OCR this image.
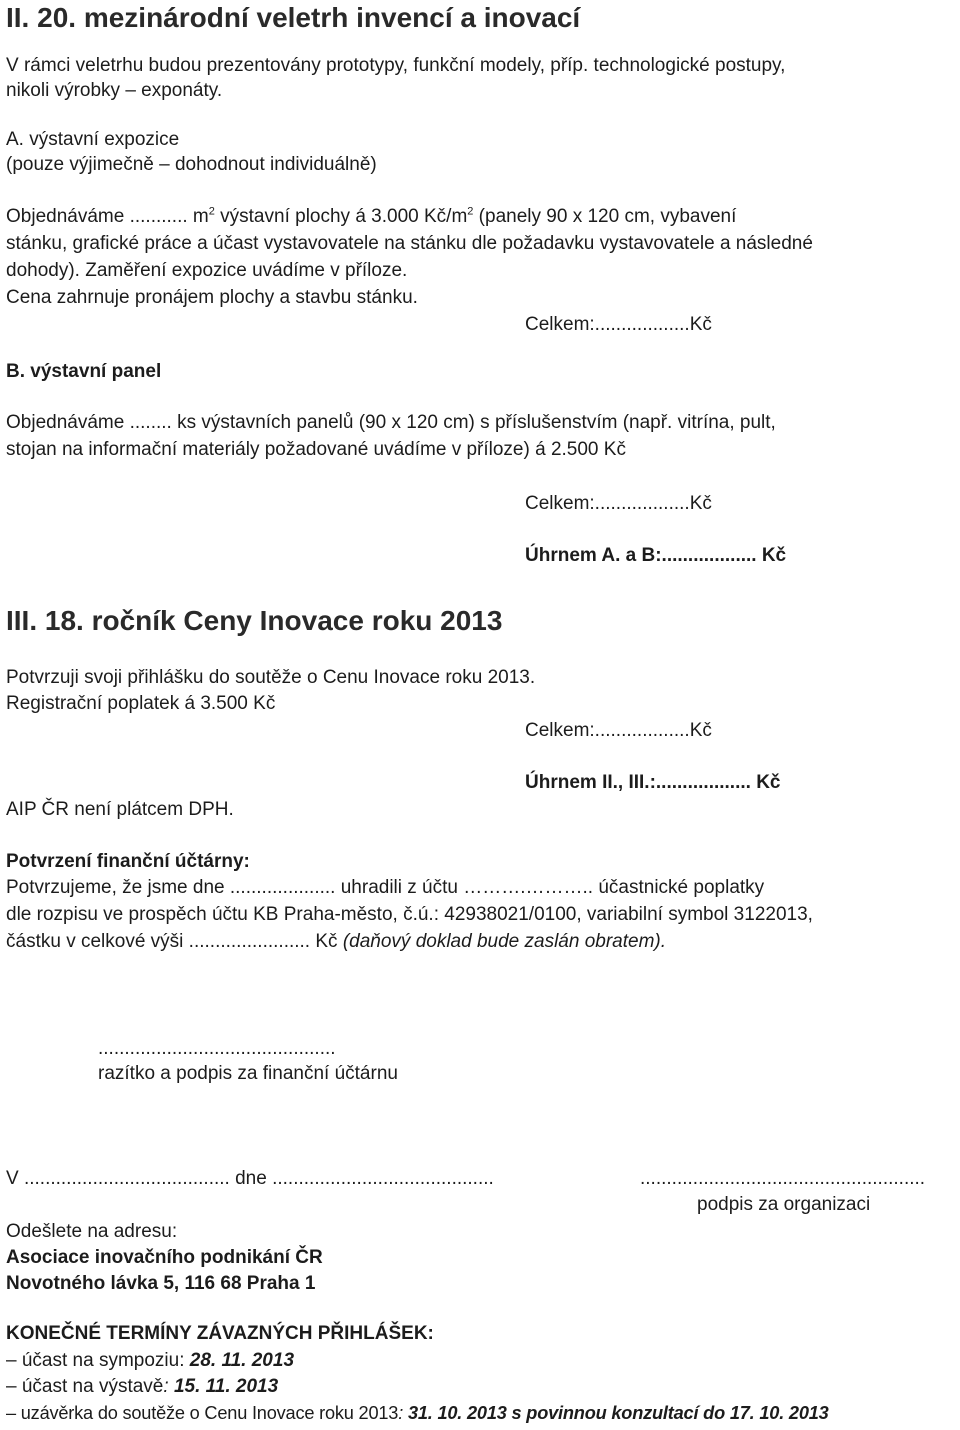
II. 20. mezinárodní veletrh invencí a inovací
V rámci veletrhu budou prezentovány prototypy, funkční modely, příp. technologické postupy,
nikoli výrobky – exponáty.
A. výstavní expozice
(pouze výjimečně – dohodnout individuálně)
Objednáváme ........... $m^2$ výstavní plochy á 3.000 $Kč/m^2$ (panely 90 x 120 cm, vybavení
stánku, grafické práce a účast vystavovatele na stánku dle požadavku vystavovatele a následné
dohody). Zaměření expozice uvádíme v příloze.
Cena zahrnuje pronájem plochy a stavbu stánku.
Celkem:..................Kč
B. výstavní panel
Objednáváme ........ ks výstavních panelů (90 x 120 cm) s příslušenstvím (např. vitrína, pult,
stojan na informační materiály požadované uvádíme v příloze) á 2.500 Kč
Celkem:..................Kč
Úhrnem A. a B:.................. Kč
III. 18. ročník Ceny Inovace roku 2013
Potvrzuji svoji přihlášku do soutěže o Cenu Inovace roku 2013.
Registrační poplatek á 3.500 Kč
Celkem:..................Kč
Úhrnem II., III.:.................. Kč
AIP ČR není plátcem DPH.
Potvrzení finanční účtárny:
Potvrzujeme, že jsme dne .................... uhradili z účtu ……….……….. účastnické poplatky
dle rozpisu ve prospěch účtu KB Praha-město, č.ú.: 42938021/0100, variabilní symbol 3122013,
částku v celkové výši ....................... Kč (daňový doklad bude zaslán obratem).
.............................................
razítko a podpis za finanční účtárnu
V ....................................... dne ..........................................	......................................................
podpis za organizaci
Odešlete na adresu:
Asociace inovačního podnikání ČR
Novotného lávka 5, 116 68 Praha 1
KONEČNÉ TERMÍNY ZÁVAZNÝCH PŘIHLÁŠEK:
– účast na sympoziu: 28. 11. 2013
– účast na výstavě: 15. 11. 2013
– uzávěrka do soutěže o Cenu Inovace roku 2013: 31. 10. 2013 s povinnou konzultací do 17. 10. 2013
